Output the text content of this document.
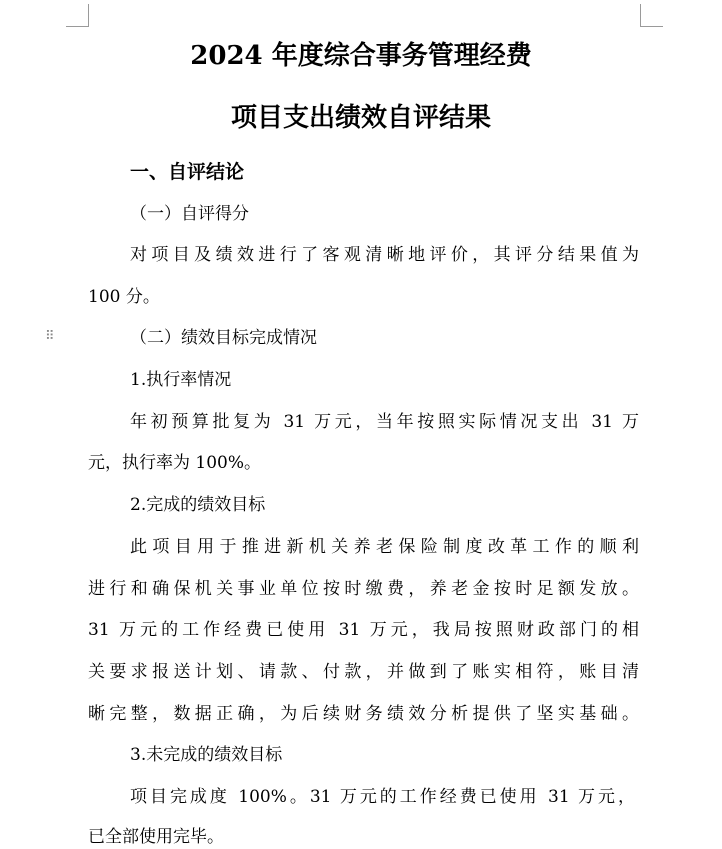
⠿
2024 年度综合事务管理经费
项目支出绩效自评结果
一、自评结论
（一）自评得分
对项目及绩效进行了客观清晰地评价，其评分结果值为
100 分。
（二）绩效目标完成情况
1.执行率情况
年初预算批复为 31 万元，当年按照实际情况支出 31 万
元，执行率为 100%。
2.完成的绩效目标
此项目用于推进新机关养老保险制度改革工作的顺利
进行和确保机关事业单位按时缴费，养老金按时足额发放。
31 万元的工作经费已使用 31 万元，我局按照财政部门的相
关要求报送计划、请款、付款，并做到了账实相符，账目清
晰完整，数据正确，为后续财务绩效分析提供了坚实基础。
3.未完成的绩效目标
项目完成度 100%。31 万元的工作经费已使用 31 万元，
已全部使用完毕。
